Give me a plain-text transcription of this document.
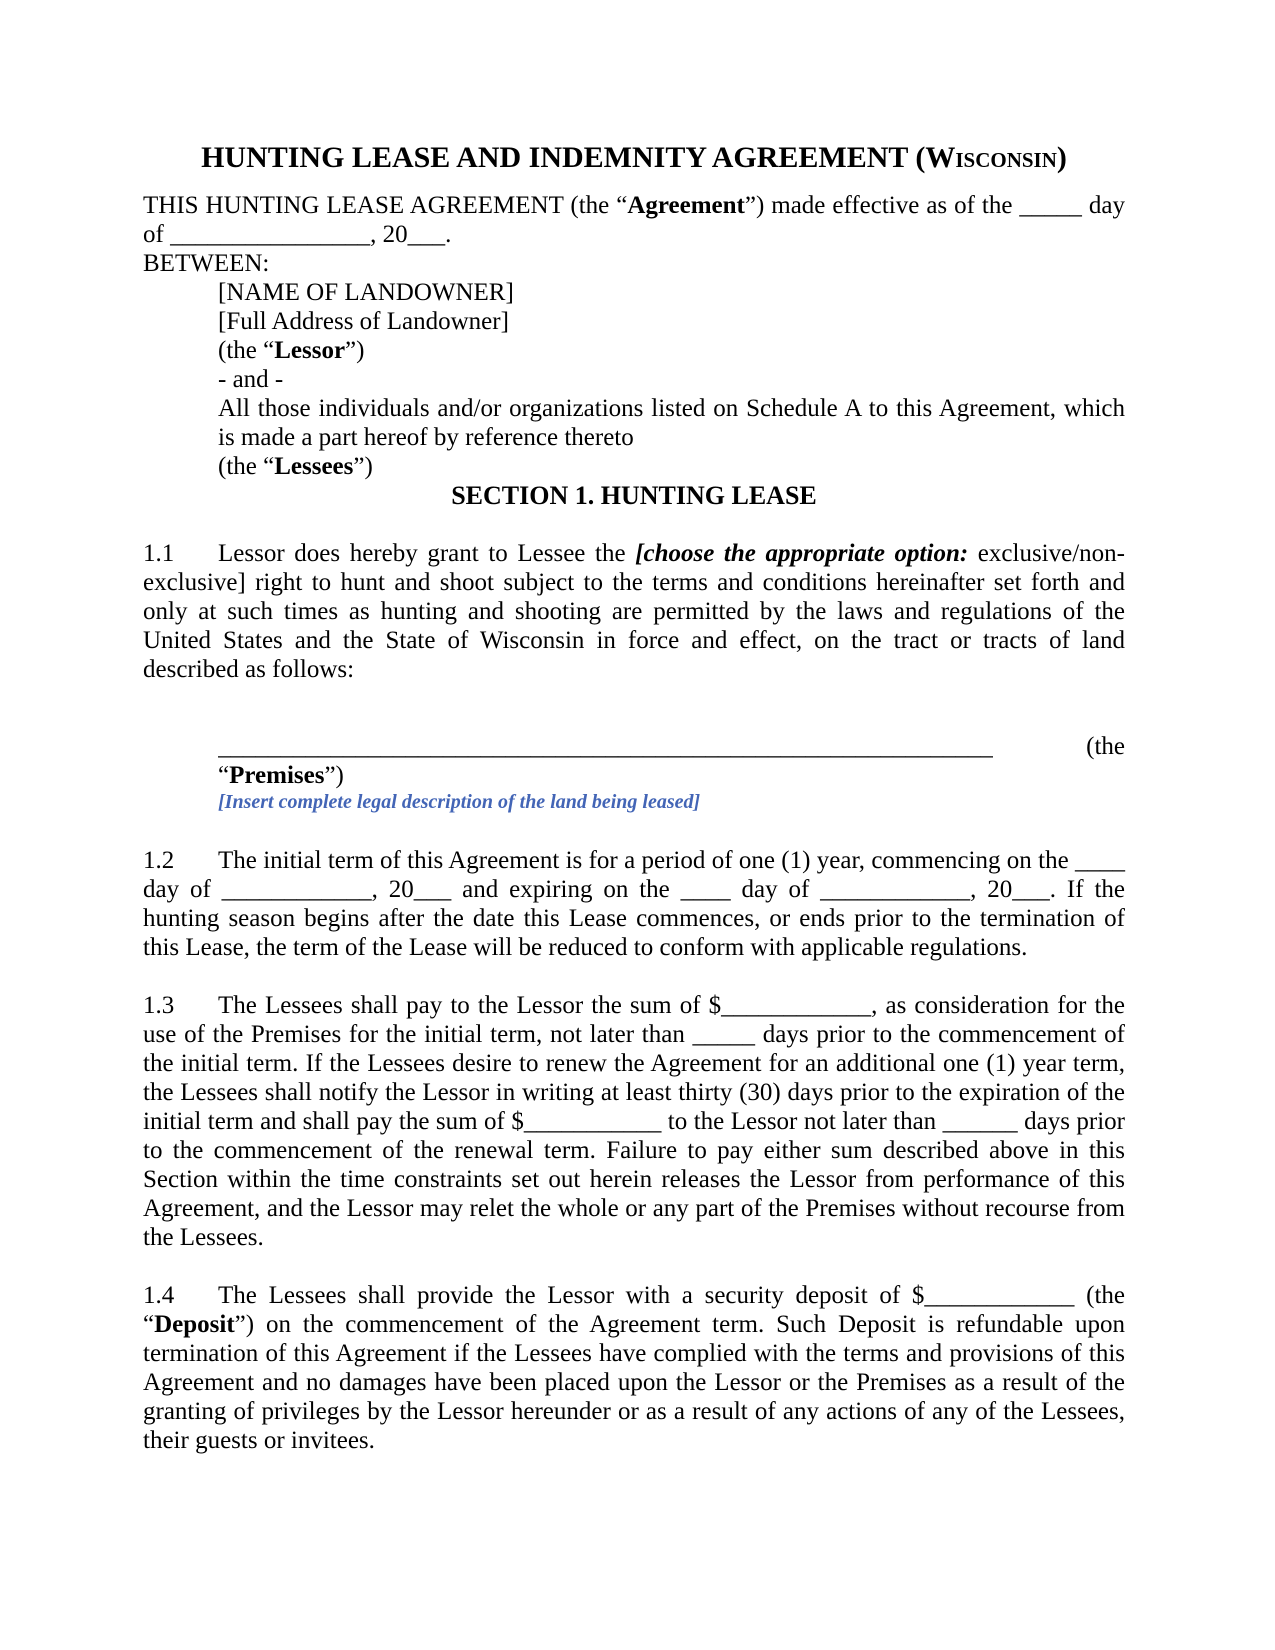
HUNTING LEASE AND INDEMNITY AGREEMENT (Wisconsin)
THIS HUNTING LEASE AGREEMENT (the “Agreement”) made effective as of the _____ day of ________________, 20___.
BETWEEN:
[NAME OF LANDOWNER]
[Full Address of Landowner]
(the “Lessor”)
- and -
All those individuals and/or organizations listed on Schedule A to this Agreement, which is made a part hereof by reference thereto
(the “Lessees”)
SECTION 1. HUNTING LEASE
1.1 Lessor does hereby grant to Lessee the [choose the appropriate option: exclusive/non-exclusive] right to hunt and shoot subject to the terms and conditions hereinafter set forth and only at such times as hunting and shooting are permitted by the laws and regulations of the United States and the State of Wisconsin in force and effect, on the tract or tracts of land described as follows:
______________________________________________________________	(the
“Premises”)
[Insert complete legal description of the land being leased]
1.2 The initial term of this Agreement is for a period of one (1) year, commencing on the ____ day of ____________, 20___ and expiring on the ____ day of ____________, 20___. If the hunting season begins after the date this Lease commences, or ends prior to the termination of this Lease, the term of the Lease will be reduced to conform with applicable regulations.
1.3 The Lessees shall pay to the Lessor the sum of $____________, as consideration for the use of the Premises for the initial term, not later than _____ days prior to the commencement of the initial term. If the Lessees desire to renew the Agreement for an additional one (1) year term, the Lessees shall notify the Lessor in writing at least thirty (30) days prior to the expiration of the initial term and shall pay the sum of $___________ to the Lessor not later than ______ days prior to the commencement of the renewal term. Failure to pay either sum described above in this Section within the time constraints set out herein releases the Lessor from performance of this Agreement, and the Lessor may relet the whole or any part of the Premises without recourse from the Lessees.
1.4 The Lessees shall provide the Lessor with a security deposit of $____________ (the “Deposit”) on the commencement of the Agreement term. Such Deposit is refundable upon termination of this Agreement if the Lessees have complied with the terms and provisions of this Agreement and no damages have been placed upon the Lessor or the Premises as a result of the granting of privileges by the Lessor hereunder or as a result of any actions of any of the Lessees, their guests or invitees.
